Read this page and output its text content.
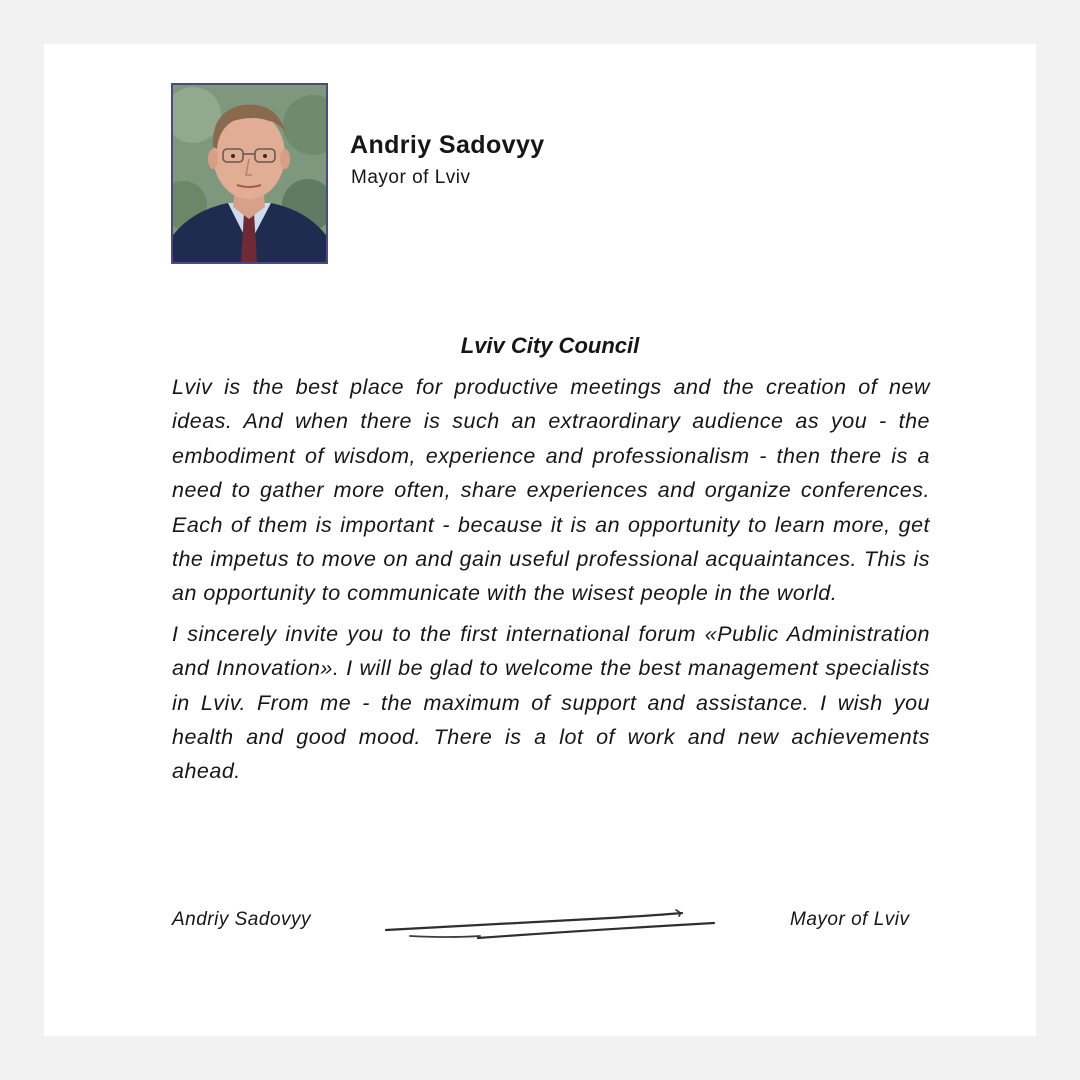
Andriy Sadovyy
Mayor of Lviv
Lviv City Council

Lviv is the best place for productive meetings and the creation of new ideas. And when there is such an extraordinary audience as you - the embodiment of wisdom, experience and professionalism - then there is a need to gather more often, share experiences and organize conferences. Each of them is important - because it is an opportunity to learn more, get the impetus to move on and gain useful professional acquaintances. This is an opportunity to communicate with the wisest people in the world.

I sincerely invite you to the first international forum «Public Administration and Innovation». I will be glad to welcome the best management specialists in Lviv. From me - the maximum of support and assistance. I wish you health and good mood. There is a lot of work and new achievements ahead.

Andriy Sadovyy	Mayor of Lviv
